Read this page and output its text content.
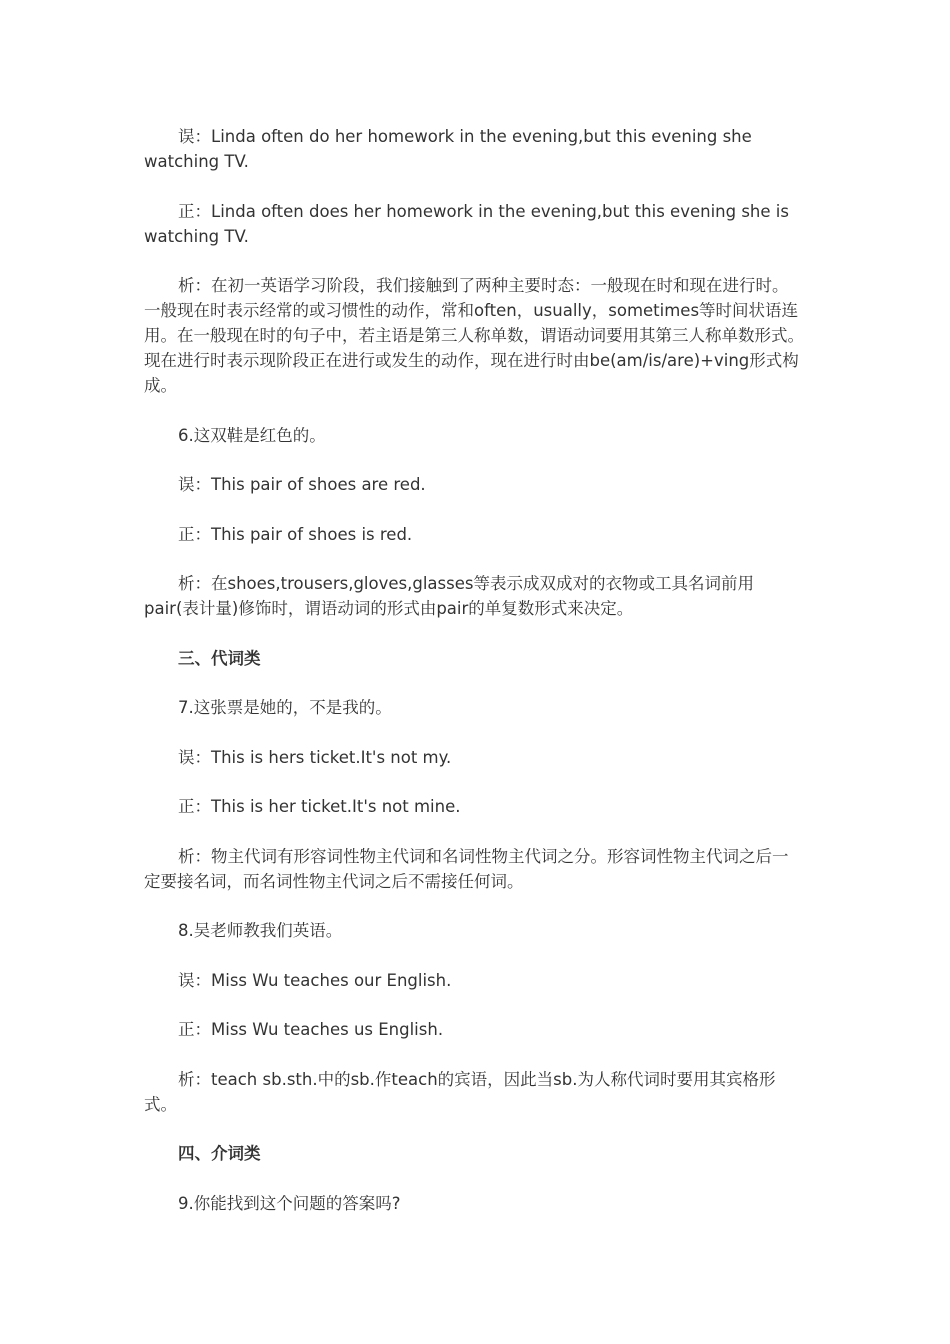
误：Linda often do her homework in the evening,but this evening she watching TV.

正：Linda often does her homework in the evening,but this evening she is watching TV.

析：在初一英语学习阶段，我们接触到了两种主要时态：一般现在时和现在进行时。一般现在时表示经常的或习惯性的动作，常和often，usually，sometimes等时间状语连用。在一般现在时的句子中，若主语是第三人称单数，谓语动词要用其第三人称单数形式。现在进行时表示现阶段正在进行或发生的动作，现在进行时由be(am/is/are)+ving形式构成。

6.这双鞋是红色的。

误：This pair of shoes are red.

正：This pair of shoes is red.

析：在shoes,trousers,gloves,glasses等表示成双成对的衣物或工具名词前用pair(表计量)修饰时，谓语动词的形式由pair的单复数形式来决定。

三、代词类

7.这张票是她的，不是我的。

误：This is hers ticket.It's not my.

正：This is her ticket.It's not mine.

析：物主代词有形容词性物主代词和名词性物主代词之分。形容词性物主代词之后一定要接名词，而名词性物主代词之后不需接任何词。

8.吴老师教我们英语。

误：Miss Wu teaches our English.

正：Miss Wu teaches us English.

析：teach sb.sth.中的sb.作teach的宾语，因此当sb.为人称代词时要用其宾格形式。

四、介词类

9.你能找到这个问题的答案吗?
